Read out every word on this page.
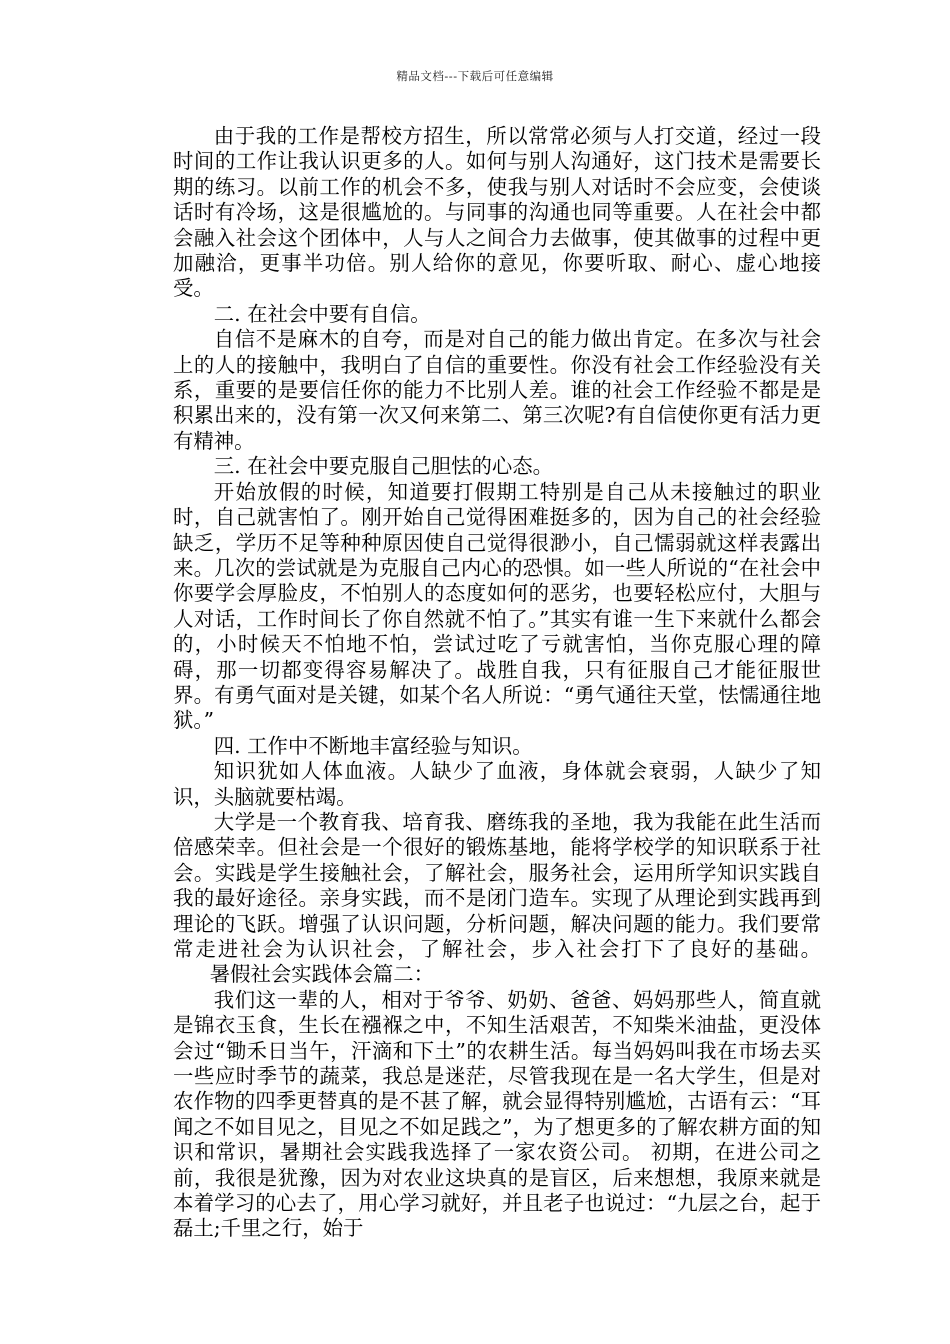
精品文档---下载后可任意编辑

由于我的工作是帮校方招生，所以常常必须与人打交道，经过一段时间的工作让我认识更多的人。如何与别人沟通好，这门技术是需要长期的练习。以前工作的机会不多，使我与别人对话时不会应变，会使谈话时有冷场，这是很尴尬的。与同事的沟通也同等重要。人在社会中都会融入社会这个团体中，人与人之间合力去做事，使其做事的过程中更加融洽，更事半功倍。别人给你的意见，你要听取、耐心、虚心地接受。

二. 在社会中要有自信。

自信不是麻木的自夸，而是对自己的能力做出肯定。在多次与社会上的人的接触中，我明白了自信的重要性。你没有社会工作经验没有关系，重要的是要信任你的能力不比别人差。谁的社会工作经验不都是是积累出来的，没有第一次又何来第二、第三次呢?有自信使你更有活力更有精神。

三. 在社会中要克服自己胆怯的心态。

开始放假的时候，知道要打假期工特别是自己从未接触过的职业时，自己就害怕了。刚开始自己觉得困难挺多的，因为自己的社会经验缺乏，学历不足等种种原因使自己觉得很渺小，自己懦弱就这样表露出来。几次的尝试就是为克服自己内心的恐惧。如一些人所说的“在社会中你要学会厚脸皮，不怕别人的态度如何的恶劣，也要轻松应付，大胆与人对话，工作时间长了你自然就不怕了。”其实有谁一生下来就什么都会的，小时候天不怕地不怕，尝试过吃了亏就害怕，当你克服心理的障碍，那一切都变得容易解决了。战胜自我，只有征服自己才能征服世界。有勇气面对是关键，如某个名人所说：“勇气通往天堂，怯懦通往地狱。”

四. 工作中不断地丰富经验与知识。

知识犹如人体血液。人缺少了血液，身体就会衰弱，人缺少了知识，头脑就要枯竭。

大学是一个教育我、培育我、磨练我的圣地，我为我能在此生活而倍感荣幸。但社会是一个很好的锻炼基地，能将学校学的知识联系于社会。实践是学生接触社会，了解社会，服务社会，运用所学知识实践自我的最好途径。亲身实践，而不是闭门造车。实现了从理论到实践再到理论的飞跃。增强了认识问题，分析问题，解决问题的能力。我们要常常走进社会为认识社会，了解社会，步入社会打下了良好的基础。暑假社会实践体会篇二：

我们这一辈的人，相对于爷爷、奶奶、爸爸、妈妈那些人，简直就是锦衣玉食，生长在襁褓之中，不知生活艰苦，不知柴米油盐，更没体会过“锄禾日当午，汗滴和下土”的农耕生活。每当妈妈叫我在市场去买一些应时季节的蔬菜，我总是迷茫，尽管我现在是一名大学生，但是对农作物的四季更替真的是不甚了解，就会显得特别尴尬，古语有云：“耳闻之不如目见之，目见之不如足践之”，为了想更多的了解农耕方面的知识和常识，暑期社会实践我选择了一家农资公司。 初期，在进公司之前，我很是犹豫，因为对农业这块真的是盲区，后来想想，我原来就是本着学习的心去了，用心学习就好，并且老子也说过：“九层之台，起于磊土;千里之行，始于
